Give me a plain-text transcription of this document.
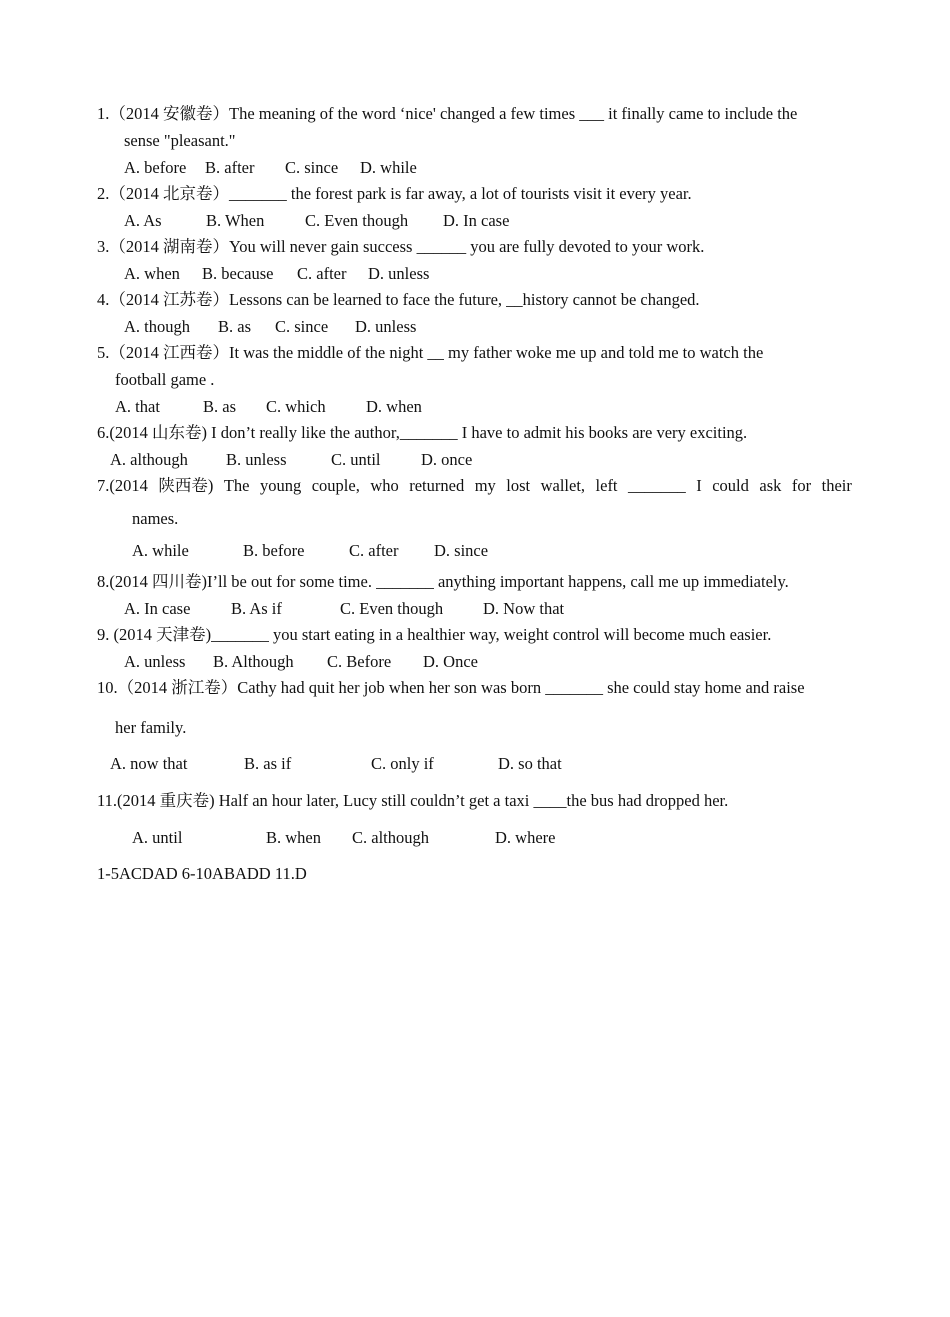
1.（2014 安徽卷）The meaning of the word ‘nice' changed a few times ___ it finally came to include the
sense "pleasant."
A. before B. after C. since D. while
2.（2014 北京卷）_______ the forest park is far away, a lot of tourists visit it every year.
A. As	B. When C. Even though D. In case
3.（2014 湖南卷）You will never gain success ______ you are fully devoted to your work.
A. when B. because C. after D. unless
4.（2014 江苏卷）Lessons can be learned to face the future, __history cannot be changed.
A. though B. as C. since D. unless
5.（2014 江西卷）It was the middle of the night __ my father woke me up and told me to watch the
football game .
A. that	B. as C. which D. when
6.(2014 山东卷) I don’t really like the author,_______ I have to admit his books are very exciting.
A. although B. unless	C. until D. once
7.(2014 陕西卷) The young couple, who returned my lost wallet, left _______ I could ask for their
names.
A. while	B. before	C. after D. since
8.(2014 四川卷)I’ll be out for some time. _______ anything important happens, call me up immediately.
A. In case B. As if	C. Even though D. Now that
9. (2014 天津卷)_______ you start eating in a healthier way, weight control will become much easier.
A. unless B. Although C. Before D. Once
10.（2014 浙江卷）Cathy had quit her job when her son was born _______ she could stay home and raise
her family.
A. now that	B. as if	C. only if	D. so that
11.(2014 重庆卷) Half an hour later, Lucy still couldn’t get a taxi ____the bus had dropped her.
A. until	B. when C. although	D. where
1-5ACDAD 6-10ABADD 11.D
